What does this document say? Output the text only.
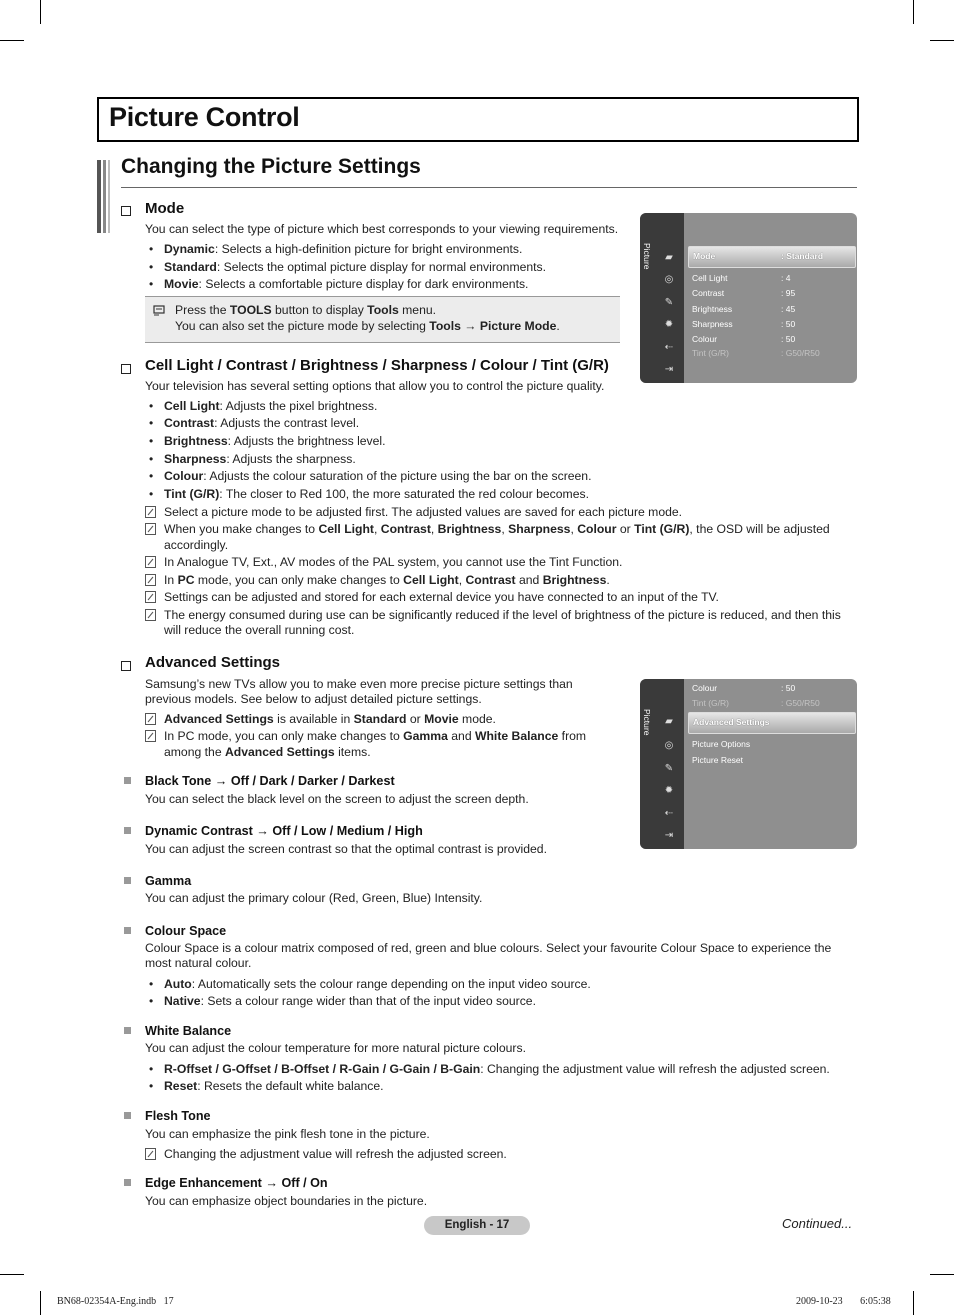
Picture Control
Changing the Picture Settings
Mode
You can select the type of picture which best corresponds to your viewing requirements.
• Dynamic: Selects a high-definition picture for bright environments.
• Standard: Selects the optimal picture display for normal environments.
• Movie: Selects a comfortable picture display for dark environments.
Press the TOOLS button to display Tools menu.
You can also set the picture mode by selecting Tools → Picture Mode.
Picture ▰
◎
✎
✹
⇠
⇥
Mode	: Standard
Cell Light	: 4
Contrast	: 95
Brightness	: 45
Sharpness	: 50
Colour	: 50
Tint (G/R)	: G50/R50
Cell Light / Contrast / Brightness / Sharpness / Colour / Tint (G/R)
Your television has several setting options that allow you to control the picture quality.
• Cell Light: Adjusts the pixel brightness.
• Contrast: Adjusts the contrast level.
• Brightness: Adjusts the brightness level.
• Sharpness: Adjusts the sharpness.
• Colour: Adjusts the colour saturation of the picture using the bar on the screen.
• Tint (G/R): The closer to Red 100, the more saturated the red colour becomes.
Select a picture mode to be adjusted first. The adjusted values are saved for each picture mode.
When you make changes to Cell Light, Contrast, Brightness, Sharpness, Colour or Tint (G/R), the OSD will be adjusted
accordingly.
In Analogue TV, Ext., AV modes of the PAL system, you cannot use the Tint Function.
In PC mode, you can only make changes to Cell Light, Contrast and Brightness.
Settings can be adjusted and stored for each external device you have connected to an input of the TV.
The energy consumed during use can be significantly reduced if the level of brightness of the picture is reduced, and then this
will reduce the overall running cost.
Advanced Settings
Samsung’s new TVs allow you to make even more precise picture settings than
previous models. See below to adjust detailed picture settings.
Advanced Settings is available in Standard or Movie mode.
In PC mode, you can only make changes to Gamma and White Balance from
among the Advanced Settings items.
Picture ▰
◎
✎
✹
⇠
⇥
Colour	: 50
Tint (G/R)	: G50/R50
Advanced Settings
Picture Options
Picture Reset
Black Tone → Off / Dark / Darker / Darkest
You can select the black level on the screen to adjust the screen depth.
Dynamic Contrast → Off / Low / Medium / High
You can adjust the screen contrast so that the optimal contrast is provided.
Gamma
You can adjust the primary colour (Red, Green, Blue) Intensity.
Colour Space
Colour Space is a colour matrix composed of red, green and blue colours. Select your favourite Colour Space to experience the
most natural colour.
• Auto: Automatically sets the colour range depending on the input video source.
• Native: Sets a colour range wider than that of the input video source.
White Balance
You can adjust the colour temperature for more natural picture colours.
• R-Offset / G-Offset / B-Offset / R-Gain / G-Gain / B-Gain: Changing the adjustment value will refresh the adjusted screen.
• Reset: Resets the default white balance.
Flesh Tone
You can emphasize the pink flesh tone in the picture.
Changing the adjustment value will refresh the adjusted screen.
Edge Enhancement → Off / On
You can emphasize object boundaries in the picture.
English - 17	Continued...
BN68-02354A-Eng.indb   17	2009-10-23       6:05:38
